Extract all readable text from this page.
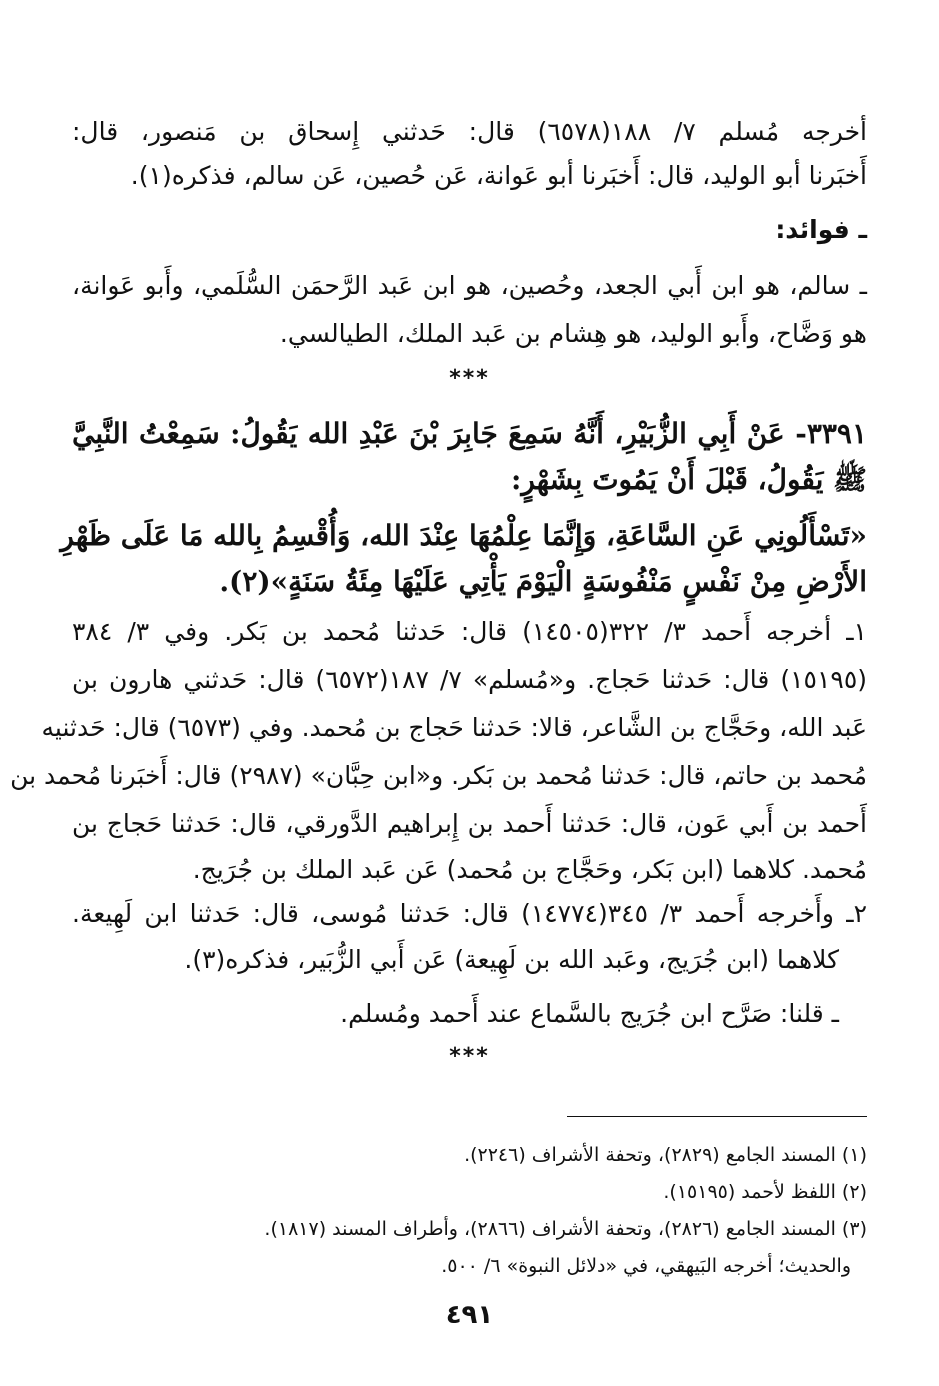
أخرجه مُسلم ٧/ ١٨٨(٦٥٧٨) قال: حَدثني إِسحاق بن مَنصور، قال:
أَخبَرنا أبو الوليد، قال: أَخبَرنا أبو عَوانة، عَن حُصين، عَن سالم، فذكره(١).
ـ فوائد:
ـ سالم، هو ابن أَبي الجعد، وحُصين، هو ابن عَبد الرَّحمَن السُّلَمي، وأَبو عَوانة،
هو وَضَّاح، وأَبو الوليد، هو هِشام بن عَبد الملك، الطيالسي.
***
٣٣٩١- عَنْ أَبِي الزُّبَيْرِ، أَنَّهُ سَمِعَ جَابِرَ بْنَ عَبْدِ الله يَقُولُ: سَمِعْتُ النَّبِيَّ
ﷺ يَقُولُ، قَبْلَ أَنْ يَمُوتَ بِشَهْرٍ:
«تَسْأَلُونِي عَنِ السَّاعَةِ، وَإِنَّمَا عِلْمُهَا عِنْدَ الله، وَأُقْسِمُ بِالله مَا عَلَى ظَهْرِ
الأَرْضِ مِنْ نَفْسٍ مَنْفُوسَةٍ الْيَوْمَ يَأْتِي عَلَيْهَا مِئَةُ سَنَةٍ»(٢).
١ـ أخرجه أَحمد ٣/ ٣٢٢(١٤٥٠٥) قال: حَدثنا مُحمد بن بَكر. وفي ٣/ ٣٨٤
(١٥١٩٥) قال: حَدثنا حَجاج. و«مُسلم» ٧/ ١٨٧(٦٥٧٢) قال: حَدثني هارون بن
عَبد الله، وحَجَّاج بن الشَّاعر، قالا: حَدثنا حَجاج بن مُحمد. وفي (٦٥٧٣) قال: حَدثنيه
مُحمد بن حاتم، قال: حَدثنا مُحمد بن بَكر. و«ابن حِبَّان» (٢٩٨٧) قال: أَخبَرنا مُحمد بن
أَحمد بن أَبي عَون، قال: حَدثنا أَحمد بن إِبراهيم الدَّورقي، قال: حَدثنا حَجاج بن
مُحمد. كلاهما (ابن بَكر، وحَجَّاج بن مُحمد) عَن عَبد الملك بن جُرَيج.
٢ـ وأَخرجه أَحمد ٣/ ٣٤٥(١٤٧٧٤) قال: حَدثنا مُوسى، قال: حَدثنا ابن لَهِيعة.
كلاهما (ابن جُرَيج، وعَبد الله بن لَهِيعة) عَن أَبي الزُّبَير، فذكره(٣).
ـ قلنا: صَرَّح ابن جُرَيج بالسَّماع عند أَحمد ومُسلم.
***
(١) المسند الجامع (٢٨٢٩)، وتحفة الأشراف (٢٢٤٦).
(٢) اللفظ لأحمد (١٥١٩٥).
(٣) المسند الجامع (٢٨٢٦)، وتحفة الأشراف (٢٨٦٦)، وأطراف المسند (١٨١٧).
والحديث؛ أخرجه البَيهقي، في «دلائل النبوة» ٦/ ٥٠٠.
٤٩١
